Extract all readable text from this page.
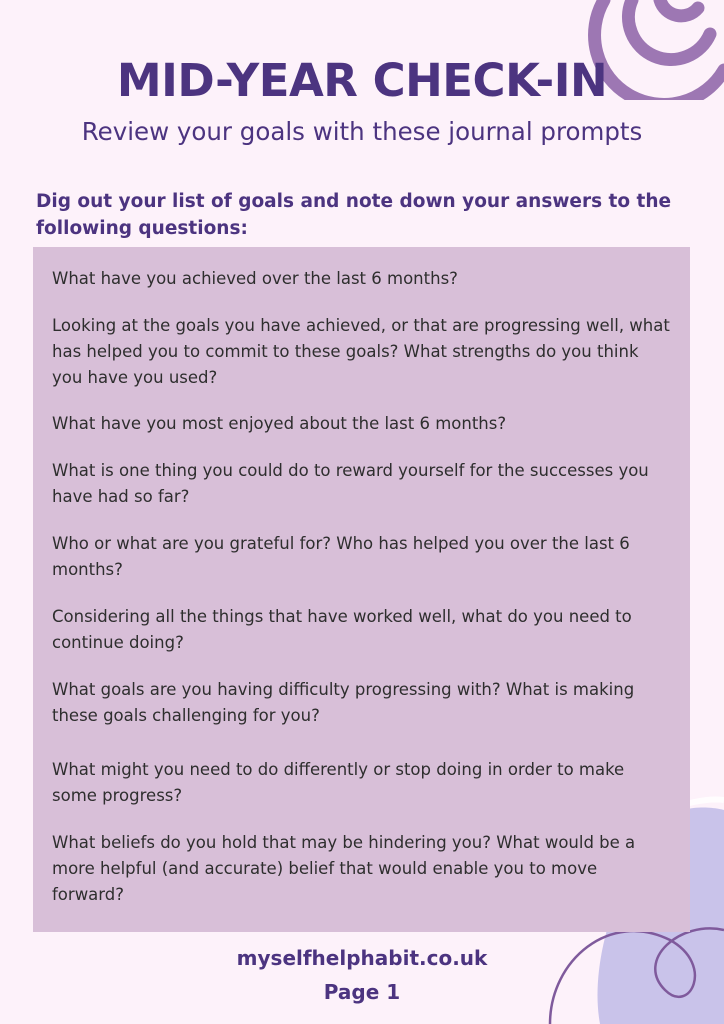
MID-YEAR CHECK-IN

Review your goals with these journal prompts

Dig out your list of goals and note down your answers to the following questions:

What have you achieved over the last 6 months?

Looking at the goals you have achieved, or that are progressing well, what has helped you to commit to these goals? What strengths do you think you have you used?

What have you most enjoyed about the last 6 months?

What is one thing you could do to reward yourself for the successes you have had so far?

Who or what are you grateful for? Who has helped you over the last 6 months?

Considering all the things that have worked well, what do you need to continue doing?

What goals are you having difficulty progressing with? What is making these goals challenging for you?

What might you need to do differently or stop doing in order to make some progress?

What beliefs do you hold that may be hindering you? What would be a more helpful (and accurate) belief that would enable you to move forward?

myselfhelphabit.co.uk

Page 1
